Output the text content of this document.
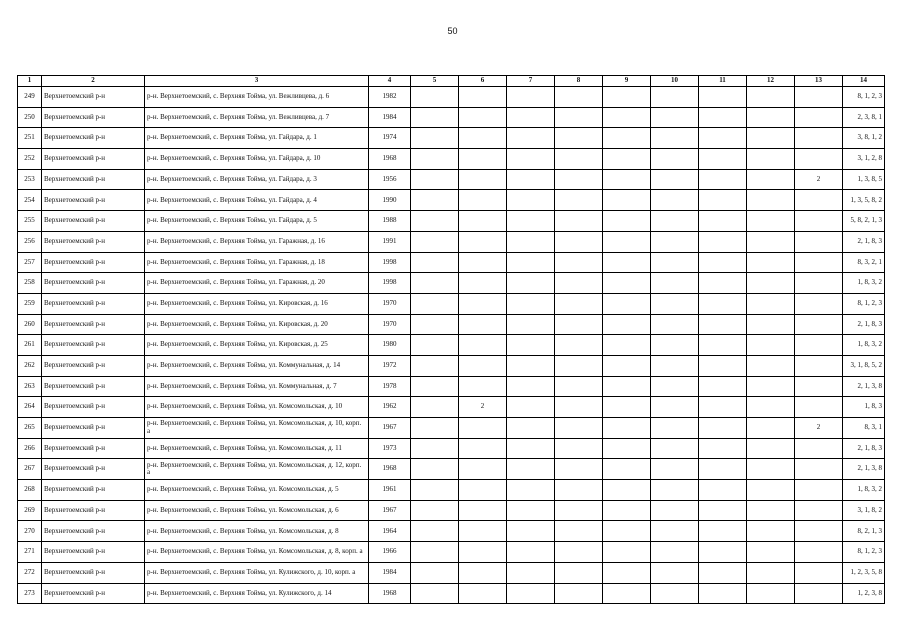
50
1	2	3	4	5	6	7	8	9	10	11	12	13	14
249	Верхнетоемский р-н	р-н. Верхнетоемский, с. Верхняя Тойма, ул. Вежливцева, д. 6	1982										8, 1, 2, 3
250	Верхнетоемский р-н	р-н. Верхнетоемский, с. Верхняя Тойма, ул. Вежливцева, д. 7	1984										2, 3, 8, 1
251	Верхнетоемский р-н	р-н. Верхнетоемский, с. Верхняя Тойма, ул. Гайдара, д. 1	1974										3, 8, 1, 2
252	Верхнетоемский р-н	р-н. Верхнетоемский, с. Верхняя Тойма, ул. Гайдара, д. 10	1968										3, 1, 2, 8
253	Верхнетоемский р-н	р-н. Верхнетоемский, с. Верхняя Тойма, ул. Гайдара, д. 3	1956									2	1, 3, 8, 5
254	Верхнетоемский р-н	р-н. Верхнетоемский, с. Верхняя Тойма, ул. Гайдара, д. 4	1990										1, 3, 5, 8, 2
255	Верхнетоемский р-н	р-н. Верхнетоемский, с. Верхняя Тойма, ул. Гайдара, д. 5	1988										5, 8, 2, 1, 3
256	Верхнетоемский р-н	р-н. Верхнетоемский, с. Верхняя Тойма, ул. Гаражная, д. 16	1991										2, 1, 8, 3
257	Верхнетоемский р-н	р-н. Верхнетоемский, с. Верхняя Тойма, ул. Гаражная, д. 18	1998										8, 3, 2, 1
258	Верхнетоемский р-н	р-н. Верхнетоемский, с. Верхняя Тойма, ул. Гаражная, д. 20	1998										1, 8, 3, 2
259	Верхнетоемский р-н	р-н. Верхнетоемский, с. Верхняя Тойма, ул. Кировская, д. 16	1970										8, 1, 2, 3
260	Верхнетоемский р-н	р-н. Верхнетоемский, с. Верхняя Тойма, ул. Кировская, д. 20	1970										2, 1, 8, 3
261	Верхнетоемский р-н	р-н. Верхнетоемский, с. Верхняя Тойма, ул. Кировская, д. 25	1980										1, 8, 3, 2
262	Верхнетоемский р-н	р-н. Верхнетоемский, с. Верхняя Тойма, ул. Коммунальная, д. 14	1972										3, 1, 8, 5, 2
263	Верхнетоемский р-н	р-н. Верхнетоемский, с. Верхняя Тойма, ул. Коммунальная, д. 7	1978										2, 1, 3, 8
264	Верхнетоемский р-н	р-н. Верхнетоемский, с. Верхняя Тойма, ул. Комсомольская, д. 10	1962		2								1, 8, 3
265	Верхнетоемский р-н	р-н. Верхнетоемский, с. Верхняя Тойма, ул. Комсомольская, д. 10, корп. а	1967									2	8, 3, 1
266	Верхнетоемский р-н	р-н. Верхнетоемский, с. Верхняя Тойма, ул. Комсомольская, д. 11	1973										2, 1, 8, 3
267	Верхнетоемский р-н	р-н. Верхнетоемский, с. Верхняя Тойма, ул. Комсомольская, д. 12, корп. а	1968										2, 1, 3, 8
268	Верхнетоемский р-н	р-н. Верхнетоемский, с. Верхняя Тойма, ул. Комсомольская, д. 5	1961										1, 8, 3, 2
269	Верхнетоемский р-н	р-н. Верхнетоемский, с. Верхняя Тойма, ул. Комсомольская, д. 6	1967										3, 1, 8, 2
270	Верхнетоемский р-н	р-н. Верхнетоемский, с. Верхняя Тойма, ул. Комсомольская, д. 8	1964										8, 2, 1, 3
271	Верхнетоемский р-н	р-н. Верхнетоемский, с. Верхняя Тойма, ул. Комсомольская, д. 8, корп. а	1966										8, 1, 2, 3
272	Верхнетоемский р-н	р-н. Верхнетоемский, с. Верхняя Тойма, ул. Кулижского, д. 10, корп. а	1984										1, 2, 3, 5, 8
273	Верхнетоемский р-н	р-н. Верхнетоемский, с. Верхняя Тойма, ул. Кулижского, д. 14	1968										1, 2, 3, 8
